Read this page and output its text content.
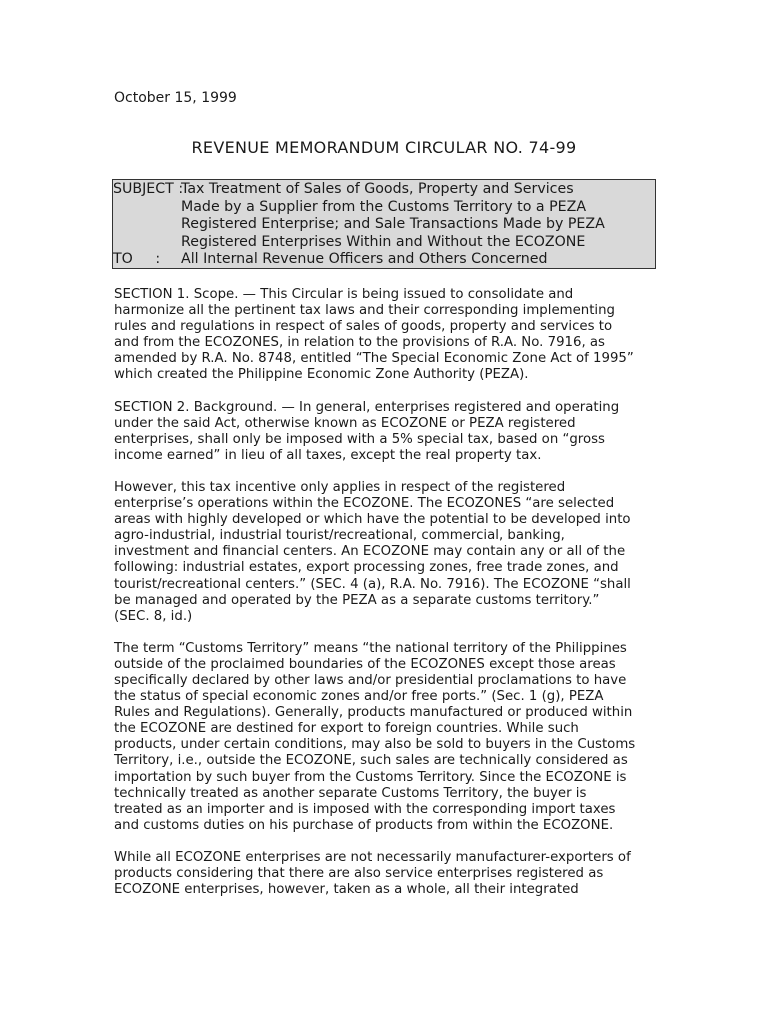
October 15, 1999

REVENUE MEMORANDUM CIRCULAR NO. 74-99
SUBJECT :
Tax Treatment of Sales of Goods, Property and Services
Made by a Supplier from the Customs Territory to a PEZA
Registered Enterprise; and Sale Transactions Made by PEZA
Registered Enterprises Within and Without the ECOZONE
TO     :	All Internal Revenue Officers and Others Concerned

SECTION 1. Scope. — This Circular is being issued to consolidate and
harmonize all the pertinent tax laws and their corresponding implementing
rules and regulations in respect of sales of goods, property and services to
and from the ECOZONES, in relation to the provisions of R.A. No. 7916, as
amended by R.A. No. 8748, entitled “The Special Economic Zone Act of 1995”
which created the Philippine Economic Zone Authority (PEZA).

SECTION 2. Background. — In general, enterprises registered and operating
under the said Act, otherwise known as ECOZONE or PEZA registered
enterprises, shall only be imposed with a 5% special tax, based on “gross
income earned” in lieu of all taxes, except the real property tax.

However, this tax incentive only applies in respect of the registered
enterprise’s operations within the ECOZONE. The ECOZONES “are selected
areas with highly developed or which have the potential to be developed into
agro-industrial, industrial tourist/recreational, commercial, banking,
investment and financial centers. An ECOZONE may contain any or all of the
following: industrial estates, export processing zones, free trade zones, and
tourist/recreational centers.” (SEC. 4 (a), R.A. No. 7916). The ECOZONE “shall
be managed and operated by the PEZA as a separate customs territory.”
(SEC. 8, id.)

The term “Customs Territory” means “the national territory of the Philippines
outside of the proclaimed boundaries of the ECOZONES except those areas
specifically declared by other laws and/or presidential proclamations to have
the status of special economic zones and/or free ports.” (Sec. 1 (g), PEZA
Rules and Regulations). Generally, products manufactured or produced within
the ECOZONE are destined for export to foreign countries. While such
products, under certain conditions, may also be sold to buyers in the Customs
Territory, i.e., outside the ECOZONE, such sales are technically considered as
importation by such buyer from the Customs Territory. Since the ECOZONE is
technically treated as another separate Customs Territory, the buyer is
treated as an importer and is imposed with the corresponding import taxes
and customs duties on his purchase of products from within the ECOZONE.

While all ECOZONE enterprises are not necessarily manufacturer-exporters of
products considering that there are also service enterprises registered as
ECOZONE enterprises, however, taken as a whole, all their integrated
